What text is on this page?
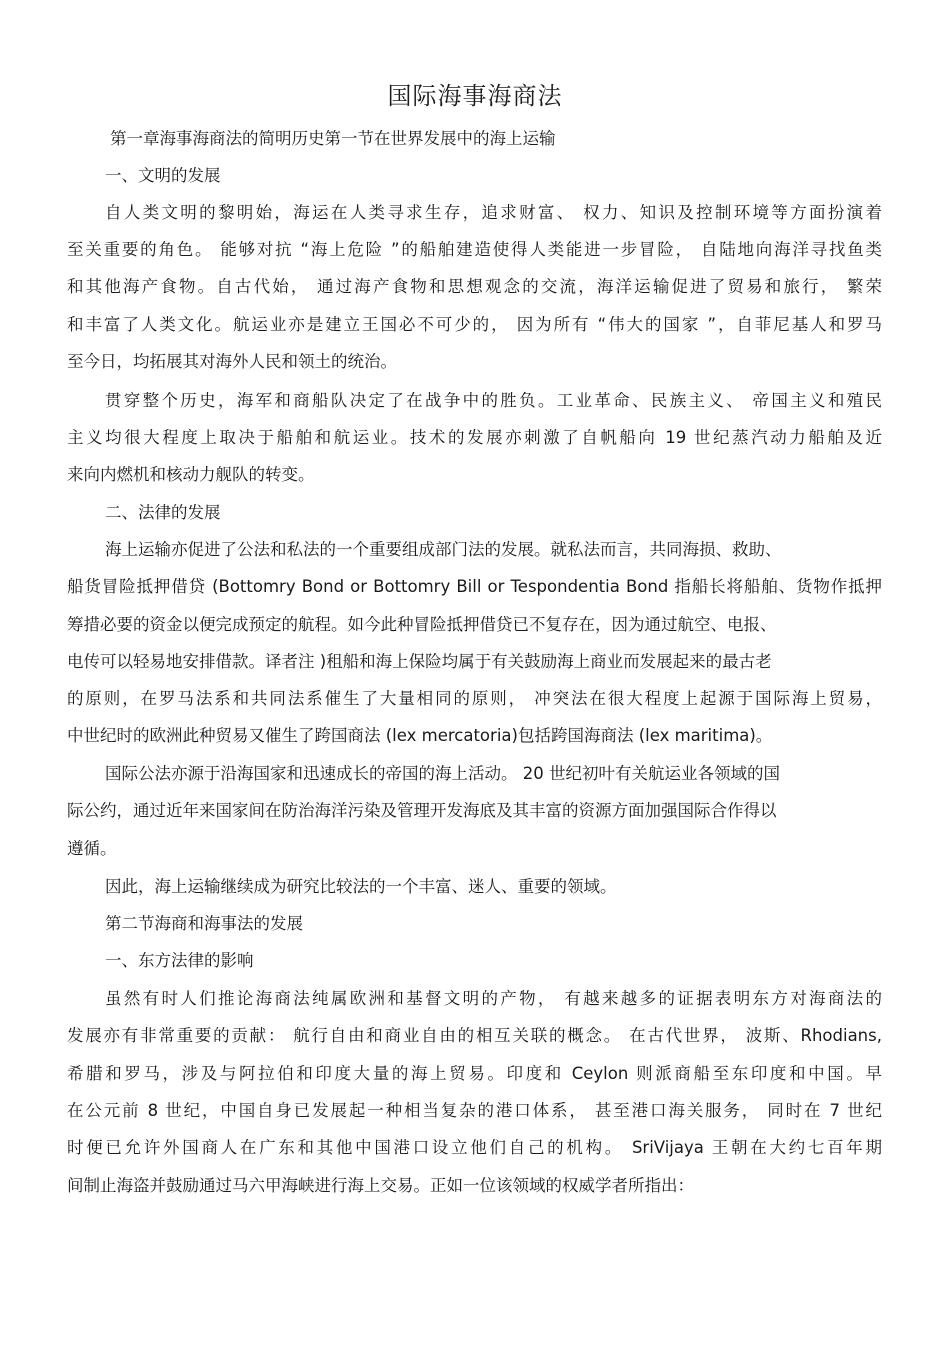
国际海事海商法
第一章海事海商法的简明历史第一节在世界发展中的海上运输
一、文明的发展
自人类文明的黎明始，海运在人类寻求生存，追求财富、 权力、知识及控制环境等方面扮演着
至关重要的角色。 能够对抗 “海上危险 ”的船舶建造使得人类能进一步冒险， 自陆地向海洋寻找鱼类
和其他海产食物。自古代始， 通过海产食物和思想观念的交流，海洋运输促进了贸易和旅行， 繁荣
和丰富了人类文化。航运业亦是建立王国必不可少的， 因为所有 “伟大的国家 ”，自菲尼基人和罗马
至今日，均拓展其对海外人民和领土的统治。
贯穿整个历史，海军和商船队决定了在战争中的胜负。工业革命、民族主义、 帝国主义和殖民
主义均很大程度上取决于船舶和航运业。技术的发展亦刺激了自帆船向 19 世纪蒸汽动力船舶及近
来向内燃机和核动力舰队的转变。
二、法律的发展
海上运输亦促进了公法和私法的一个重要组成部门法的发展。就私法而言，共同海损、救助、
船货冒险抵押借贷 (Bottomry Bond or Bottomry Bill or Tespondentia Bond 指船长将船舶、货物作抵押
筹措必要的资金以便完成预定的航程。如今此种冒险抵押借贷已不复存在，因为通过航空、电报、
电传可以轻易地安排借款。译者注 )租船和海上保险均属于有关鼓励海上商业而发展起来的最古老
的原则，在罗马法系和共同法系催生了大量相同的原则， 冲突法在很大程度上起源于国际海上贸易，
中世纪时的欧洲此种贸易又催生了跨国商法 (lex mercatoria)包括跨国海商法 (lex maritima)。
国际公法亦源于沿海国家和迅速成长的帝国的海上活动。 20 世纪初叶有关航运业各领域的国
际公约，通过近年来国家间在防治海洋污染及管理开发海底及其丰富的资源方面加强国际合作得以
遵循。
因此，海上运输继续成为研究比较法的一个丰富、迷人、重要的领域。
第二节海商和海事法的发展
一、东方法律的影响
虽然有时人们推论海商法纯属欧洲和基督文明的产物， 有越来越多的证据表明东方对海商法的
发展亦有非常重要的贡献： 航行自由和商业自由的相互关联的概念。 在古代世界， 波斯、Rhodians,
希腊和罗马，涉及与阿拉伯和印度大量的海上贸易。印度和 Ceylon 则派商船至东印度和中国。早
在公元前 8 世纪，中国自身已发展起一种相当复杂的港口体系， 甚至港口海关服务， 同时在 7 世纪
时便已允许外国商人在广东和其他中国港口设立他们自己的机构。 SriVijaya 王朝在大约七百年期
间制止海盗并鼓励通过马六甲海峡进行海上交易。正如一位该领域的权威学者所指出：
